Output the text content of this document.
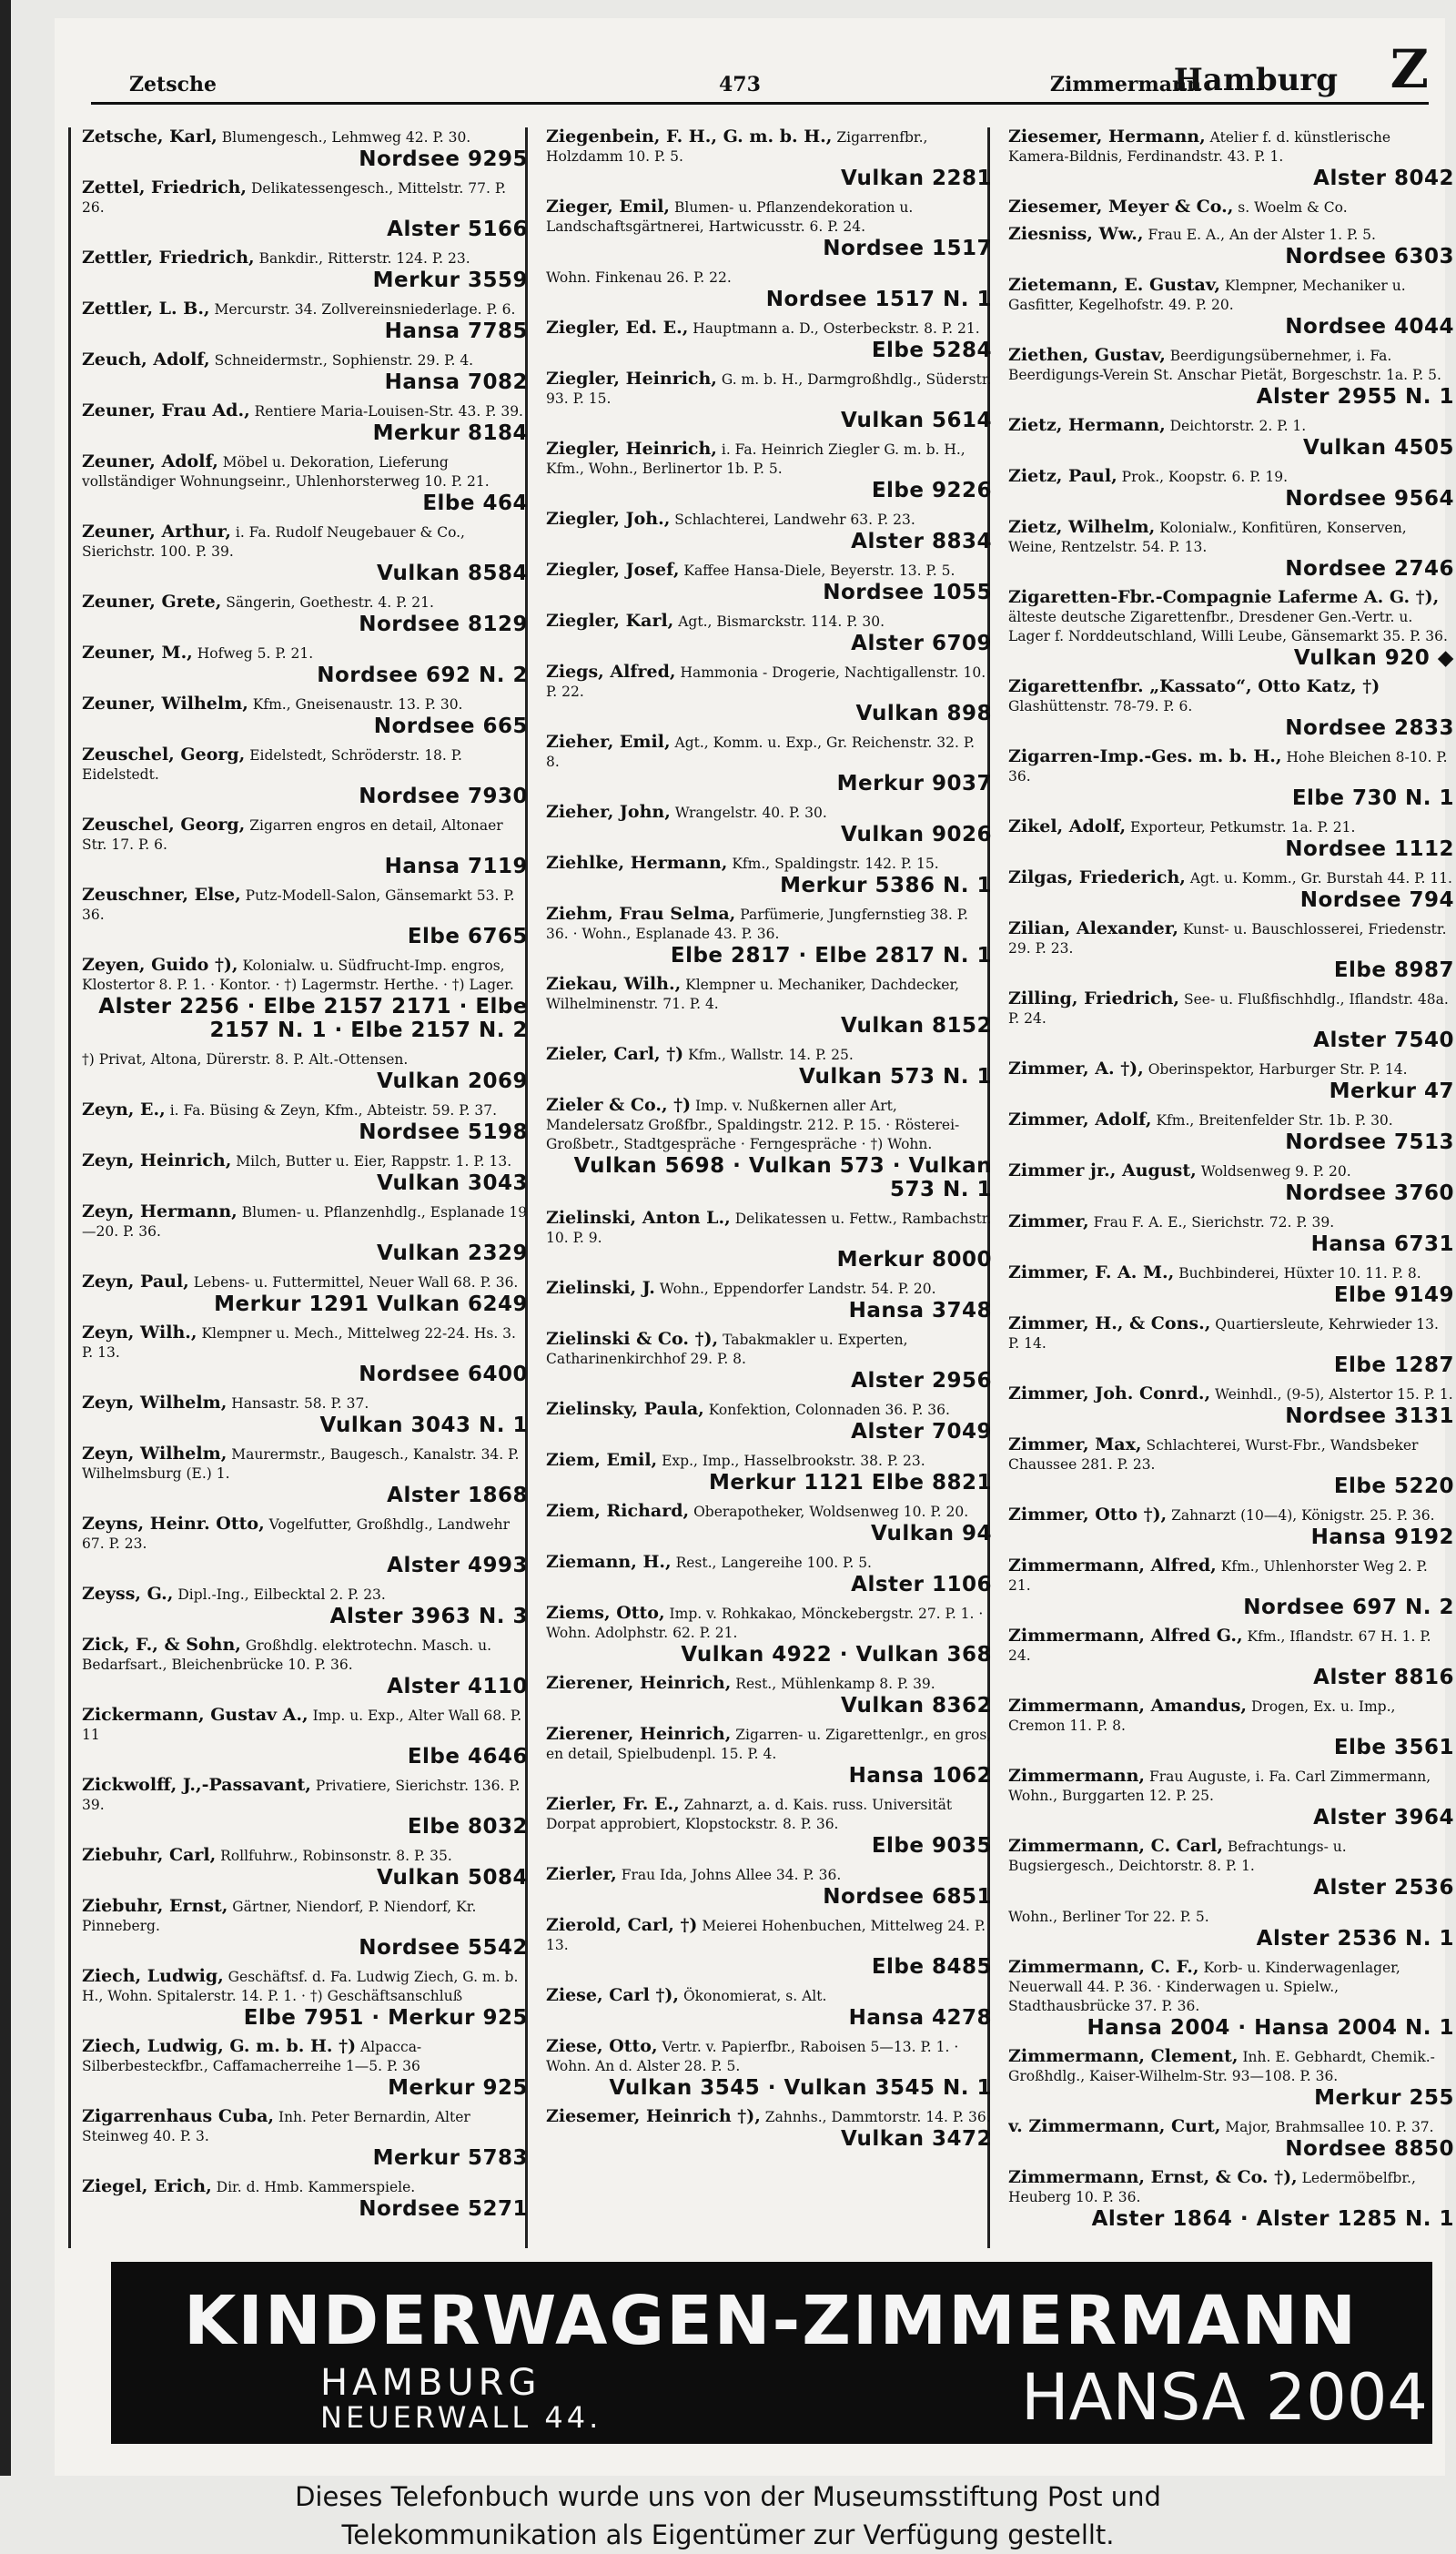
Zetsche	473	Zimmermann
Hamburg Z
Zetsche, Karl, Blumengesch., Lehmweg 42. P. 30.
Nordsee 9295
Zettel, Friedrich, Delikatessengesch., Mittelstr. 77. P. 26.
Alster 5166
Zettler, Friedrich, Bankdir., Ritterstr. 124. P. 23.
Merkur 3559
Zettler, L. B., Mercurstr. 34. Zollvereinsniederlage. P. 6.
Hansa 7785
Zeuch, Adolf, Schneidermstr., Sophienstr. 29. P. 4.
Hansa 7082
Zeuner, Frau Ad., Rentiere Maria-Louisen-Str. 43. P. 39.
Merkur 8184
Zeuner, Adolf, Möbel u. Dekoration, Lieferung vollständiger Wohnungseinr., Uhlenhorsterweg 10. P. 21.
Elbe 464
Zeuner, Arthur, i. Fa. Rudolf Neugebauer & Co., Sierichstr. 100. P. 39.
Vulkan 8584
Zeuner, Grete, Sängerin, Goethestr. 4. P. 21.
Nordsee 8129
Zeuner, M., Hofweg 5. P. 21.
Nordsee 692 N. 2
Zeuner, Wilhelm, Kfm., Gneisenaustr. 13. P. 30.
Nordsee 665
Zeuschel, Georg, Eidelstedt, Schröderstr. 18. P. Eidelstedt.
Nordsee 7930
Zeuschel, Georg, Zigarren engros en detail, Altonaer Str. 17. P. 6.
Hansa 7119
Zeuschner, Else, Putz-Modell-Salon, Gänsemarkt 53. P. 36.
Elbe 6765
Zeyen, Guido †), Kolonialw. u. Südfrucht-Imp. engros, Klostertor 8. P. 1. · Kontor. · †) Lagermstr. Herthe. · †) Lager.
Alster 2256 · Elbe 2157 2171 · Elbe 2157 N. 1 · Elbe 2157 N. 2
†) Privat, Altona, Dürerstr. 8. P. Alt.-Ottensen.
Vulkan 2069
Zeyn, E., i. Fa. Büsing & Zeyn, Kfm., Abteistr. 59. P. 37.
Nordsee 5198
Zeyn, Heinrich, Milch, Butter u. Eier, Rappstr. 1. P. 13.
Vulkan 3043
Zeyn, Hermann, Blumen- u. Pflanzenhdlg., Esplanade 19—20. P. 36.
Vulkan 2329
Zeyn, Paul, Lebens- u. Futtermittel, Neuer Wall 68. P. 36.
Merkur 1291 Vulkan 6249
Zeyn, Wilh., Klempner u. Mech., Mittelweg 22-24. Hs. 3. P. 13.
Nordsee 6400
Zeyn, Wilhelm, Hansastr. 58. P. 37.
Vulkan 3043 N. 1
Zeyn, Wilhelm, Maurermstr., Baugesch., Kanalstr. 34. P. Wilhelmsburg (E.) 1.
Alster 1868
Zeyns, Heinr. Otto, Vogelfutter, Großhdlg., Landwehr 67. P. 23.
Alster 4993
Zeyss, G., Dipl.-Ing., Eilbecktal 2. P. 23.
Alster 3963 N. 3
Zick, F., & Sohn, Großhdlg. elektrotechn. Masch. u. Bedarfsart., Bleichenbrücke 10. P. 36.
Alster 4110
Zickermann, Gustav A., Imp. u. Exp., Alter Wall 68. P. 11
Elbe 4646
Zickwolff, J.,-Passavant, Privatiere, Sierichstr. 136. P. 39.
Elbe 8032
Ziebuhr, Carl, Rollfuhrw., Robinsonstr. 8. P. 35.
Vulkan 5084
Ziebuhr, Ernst, Gärtner, Niendorf, P. Niendorf, Kr. Pinneberg.
Nordsee 5542
Ziech, Ludwig, Geschäftsf. d. Fa. Ludwig Ziech, G. m. b. H., Wohn. Spitalerstr. 14. P. 1. · †) Geschäftsanschluß
Elbe 7951 · Merkur 925
Ziech, Ludwig, G. m. b. H. †) Alpacca-Silberbesteckfbr., Caffamacherreihe 1—5. P. 36
Merkur 925
Zigarrenhaus Cuba, Inh. Peter Bernardin, Alter Steinweg 40. P. 3.
Merkur 5783
Ziegel, Erich, Dir. d. Hmb. Kammerspiele.
Nordsee 5271
Ziegenbein, F. H., G. m. b. H., Zigarrenfbr., Holzdamm 10. P. 5.
Vulkan 2281
Zieger, Emil, Blumen- u. Pflanzendekoration u. Landschaftsgärtnerei, Hartwicusstr. 6. P. 24.
Nordsee 1517
Wohn. Finkenau 26. P. 22.
Nordsee 1517 N. 1
Ziegler, Ed. E., Hauptmann a. D., Osterbeckstr. 8. P. 21.
Elbe 5284
Ziegler, Heinrich, G. m. b. H., Darmgroßhdlg., Süderstr. 93. P. 15.
Vulkan 5614
Ziegler, Heinrich, i. Fa. Heinrich Ziegler G. m. b. H., Kfm., Wohn., Berlinertor 1b. P. 5.
Elbe 9226
Ziegler, Joh., Schlachterei, Landwehr 63. P. 23.
Alster 8834
Ziegler, Josef, Kaffee Hansa-Diele, Beyerstr. 13. P. 5.
Nordsee 1055
Ziegler, Karl, Agt., Bismarckstr. 114. P. 30.
Alster 6709
Ziegs, Alfred, Hammonia - Drogerie, Nachtigallenstr. 10. P. 22.
Vulkan 898
Zieher, Emil, Agt., Komm. u. Exp., Gr. Reichenstr. 32. P. 8.
Merkur 9037
Zieher, John, Wrangelstr. 40. P. 30.
Vulkan 9026
Ziehlke, Hermann, Kfm., Spaldingstr. 142. P. 15.
Merkur 5386 N. 1
Ziehm, Frau Selma, Parfümerie, Jungfernstieg 38. P. 36. · Wohn., Esplanade 43. P. 36.
Elbe 2817 · Elbe 2817 N. 1
Ziekau, Wilh., Klempner u. Mechaniker, Dachdecker, Wilhelminenstr. 71. P. 4.
Vulkan 8152
Zieler, Carl, †) Kfm., Wallstr. 14. P. 25.
Vulkan 573 N. 1
Zieler & Co., †) Imp. v. Nußkernen aller Art, Mandelersatz Großfbr., Spaldingstr. 212. P. 15. · Rösterei-Großbetr., Stadtgespräche · Ferngespräche · †) Wohn.
Vulkan 5698 · Vulkan 573 · Vulkan 573 N. 1
Zielinski, Anton L., Delikatessen u. Fettw., Rambachstr. 10. P. 9.
Merkur 8000
Zielinski, J. Wohn., Eppendorfer Landstr. 54. P. 20.
Hansa 3748
Zielinski & Co. †), Tabakmakler u. Experten, Catharinenkirchhof 29. P. 8.
Alster 2956
Zielinsky, Paula, Konfektion, Colonnaden 36. P. 36.
Alster 7049
Ziem, Emil, Exp., Imp., Hasselbrookstr. 38. P. 23.
Merkur 1121 Elbe 8821
Ziem, Richard, Oberapotheker, Woldsenweg 10. P. 20.
Vulkan 94
Ziemann, H., Rest., Langereihe 100. P. 5.
Alster 1106
Ziems, Otto, Imp. v. Rohkakao, Mönckebergstr. 27. P. 1. · Wohn. Adolphstr. 62. P. 21.
Vulkan 4922 · Vulkan 368
Zierener, Heinrich, Rest., Mühlenkamp 8. P. 39.
Vulkan 8362
Zierener, Heinrich, Zigarren- u. Zigarettenlgr., en gros, en detail, Spielbudenpl. 15. P. 4.
Hansa 1062
Zierler, Fr. E., Zahnarzt, a. d. Kais. russ. Universität Dorpat approbiert, Klopstockstr. 8. P. 36.
Elbe 9035
Zierler, Frau Ida, Johns Allee 34. P. 36.
Nordsee 6851
Zierold, Carl, †) Meierei Hohenbuchen, Mittelweg 24. P. 13.
Elbe 8485
Ziese, Carl †), Ökonomierat, s. Alt.
Hansa 4278
Ziese, Otto, Vertr. v. Papierfbr., Raboisen 5—13. P. 1. · Wohn. An d. Alster 28. P. 5.
Vulkan 3545 · Vulkan 3545 N. 1
Ziesemer, Heinrich †), Zahnhs., Dammtorstr. 14. P. 36.
Vulkan 3472
Ziesemer, Hermann, Atelier f. d. künstlerische Kamera-Bildnis, Ferdinandstr. 43. P. 1.
Alster 8042
Ziesemer, Meyer & Co., s. Woelm & Co.
Ziesniss, Ww., Frau E. A., An der Alster 1. P. 5.
Nordsee 6303
Zietemann, E. Gustav, Klempner, Mechaniker u. Gasfitter, Kegelhofstr. 49. P. 20.
Nordsee 4044
Ziethen, Gustav, Beerdigungsübernehmer, i. Fa. Beerdigungs-Verein St. Anschar Pietät, Borgeschstr. 1a. P. 5.
Alster 2955 N. 1
Zietz, Hermann, Deichtorstr. 2. P. 1.
Vulkan 4505
Zietz, Paul, Prok., Koopstr. 6. P. 19.
Nordsee 9564
Zietz, Wilhelm, Kolonialw., Konfitüren, Konserven, Weine, Rentzelstr. 54. P. 13.
Nordsee 2746
Zigaretten-Fbr.-Compagnie Laferme A. G. †), älteste deutsche Zigarettenfbr., Dresdener Gen.-Vertr. u. Lager f. Norddeutschland, Willi Leube, Gänsemarkt 35. P. 36.
Vulkan 920 ◆
Zigarettenfbr. „Kassato“, Otto Katz, †) Glashüttenstr. 78-79. P. 6.
Nordsee 2833
Zigarren-Imp.-Ges. m. b. H., Hohe Bleichen 8-10. P. 36.
Elbe 730 N. 1
Zikel, Adolf, Exporteur, Petkumstr. 1a. P. 21.
Nordsee 1112
Zilgas, Friederich, Agt. u. Komm., Gr. Burstah 44. P. 11.
Nordsee 794
Zilian, Alexander, Kunst- u. Bauschlosserei, Friedenstr. 29. P. 23.
Elbe 8987
Zilling, Friedrich, See- u. Flußfischhdlg., Iflandstr. 48a. P. 24.
Alster 7540
Zimmer, A. †), Oberinspektor, Harburger Str. P. 14.
Merkur 47
Zimmer, Adolf, Kfm., Breitenfelder Str. 1b. P. 30.
Nordsee 7513
Zimmer jr., August, Woldsenweg 9. P. 20.
Nordsee 3760
Zimmer, Frau F. A. E., Sierichstr. 72. P. 39.
Hansa 6731
Zimmer, F. A. M., Buchbinderei, Hüxter 10. 11. P. 8.
Elbe 9149
Zimmer, H., & Cons., Quartiersleute, Kehrwieder 13. P. 14.
Elbe 1287
Zimmer, Joh. Conrd., Weinhdl., (9-5), Alstertor 15. P. 1.
Nordsee 3131
Zimmer, Max, Schlachterei, Wurst-Fbr., Wandsbeker Chaussee 281. P. 23.
Elbe 5220
Zimmer, Otto †), Zahnarzt (10—4), Königstr. 25. P. 36.
Hansa 9192
Zimmermann, Alfred, Kfm., Uhlenhorster Weg 2. P. 21.
Nordsee 697 N. 2
Zimmermann, Alfred G., Kfm., Iflandstr. 67 H. 1. P. 24.
Alster 8816
Zimmermann, Amandus, Drogen, Ex. u. Imp., Cremon 11. P. 8.
Elbe 3561
Zimmermann, Frau Auguste, i. Fa. Carl Zimmermann, Wohn., Burggarten 12. P. 25.
Alster 3964
Zimmermann, C. Carl, Befrachtungs- u. Bugsiergesch., Deichtorstr. 8. P. 1.
Alster 2536
Wohn., Berliner Tor 22. P. 5.
Alster 2536 N. 1
Zimmermann, C. F., Korb- u. Kinderwagenlager, Neuerwall 44. P. 36. · Kinderwagen u. Spielw., Stadthausbrücke 37. P. 36.
Hansa 2004 · Hansa 2004 N. 1
Zimmermann, Clement, Inh. E. Gebhardt, Chemik.-Großhdlg., Kaiser-Wilhelm-Str. 93—108. P. 36.
Merkur 255
v. Zimmermann, Curt, Major, Brahmsallee 10. P. 37.
Nordsee 8850
Zimmermann, Ernst, & Co. †), Ledermöbelfbr., Heuberg 10. P. 36.
Alster 1864 · Alster 1285 N. 1
KINDERWAGEN-ZIMMERMANN
HAMBURG
NEUERWALL 44.	HANSA 2004
Dieses Telefonbuch wurde uns von der Museumsstiftung Post und
Telekommunikation als Eigentümer zur Verfügung gestellt.
